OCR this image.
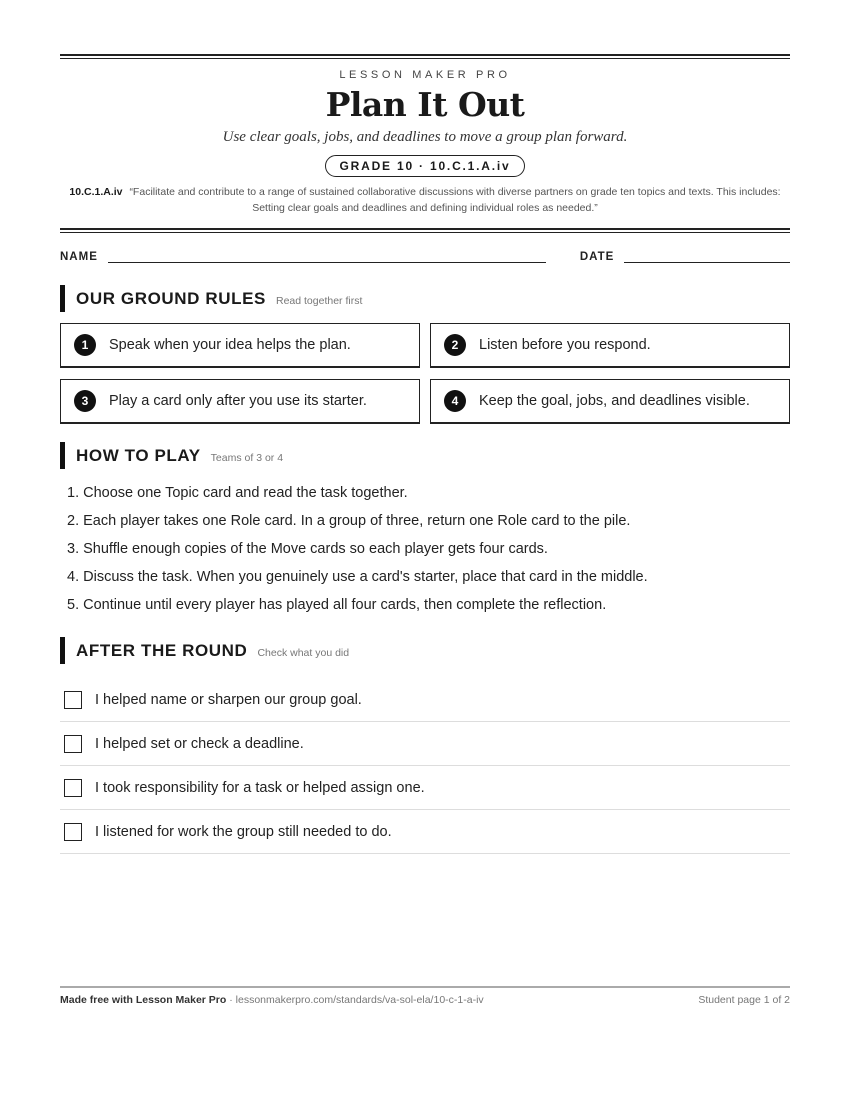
LESSON MAKER PRO
Plan It Out
Use clear goals, jobs, and deadlines to move a group plan forward.
GRADE 10 · 10.C.1.A.iv
10.C.1.A.iv “Facilitate and contribute to a range of sustained collaborative discussions with diverse partners on grade ten topics and texts. This includes: Setting clear goals and deadlines and defining individual roles as needed.”
NAME	DATE
OUR GROUND RULES Read together first
1	Speak when your idea helps the plan.	2	Listen before you respond.
3	Play a card only after you use its starter.	4	Keep the goal, jobs, and deadlines visible.
HOW TO PLAY Teams of 3 or 4
1. Choose one Topic card and read the task together.
2. Each player takes one Role card. In a group of three, return one Role card to the pile.
3. Shuffle enough copies of the Move cards so each player gets four cards.
4. Discuss the task. When you genuinely use a card's starter, place that card in the middle.
5. Continue until every player has played all four cards, then complete the reflection.
AFTER THE ROUND Check what you did
I helped name or sharpen our group goal.
I helped set or check a deadline.
I took responsibility for a task or helped assign one.
I listened for work the group still needed to do.
Made free with Lesson Maker Pro · lessonmakerpro.com/standards/va-sol-ela/10-c-1-a-iv	Student page 1 of 2
